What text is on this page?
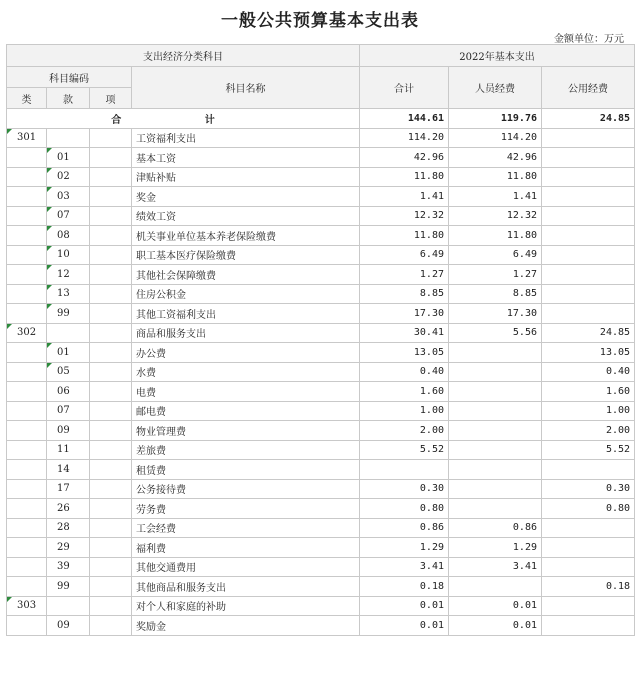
一般公共预算基本支出表
金额单位：万元
支出经济分类科目				2022年基本支出		
科目编码			科目名称	合计	人员经费	公用经费
类	款	项				
合 计				144.61	119.76	24.85
301			工资福利支出	114.20	114.20	
	01		基本工资	42.96	42.96	
	02		津贴补贴	11.80	11.80	
	03		奖金	1.41	1.41	
	07		绩效工资	12.32	12.32	
	08		机关事业单位基本养老保险缴费	11.80	11.80	
	10		职工基本医疗保险缴费	6.49	6.49	
	12		其他社会保障缴费	1.27	1.27	
	13		住房公积金	8.85	8.85	
	99		其他工资福利支出	17.30	17.30	
302			商品和服务支出	30.41	5.56	24.85
	01		办公费	13.05		13.05
	05		水费	0.40		0.40
	06		电费	1.60		1.60
	07		邮电费	1.00		1.00
	09		物业管理费	2.00		2.00
	11		差旅费	5.52		5.52
	14		租赁费			
	17		公务接待费	0.30		0.30
	26		劳务费	0.80		0.80
	28		工会经费	0.86	0.86	
	29		福利费	1.29	1.29	
	39		其他交通费用	3.41	3.41	
	99		其他商品和服务支出	0.18		0.18
303			对个人和家庭的补助	0.01	0.01	
	09		奖励金	0.01	0.01	
